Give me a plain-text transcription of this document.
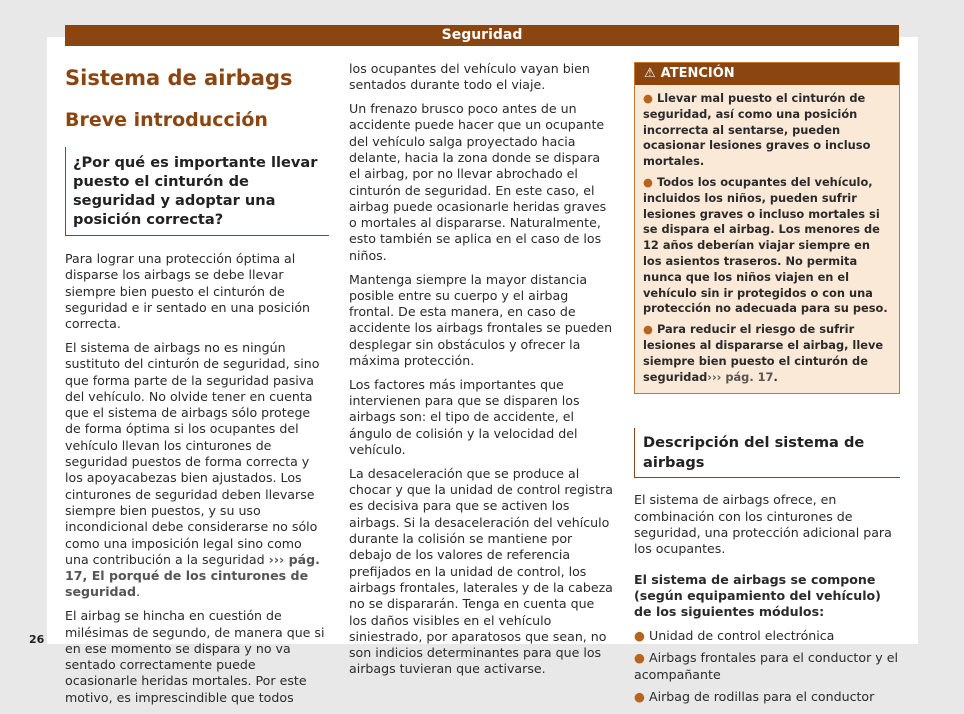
Seguridad
Sistema de airbags
Breve introducción
¿Por qué es importante llevar puesto el cinturón de seguridad y adoptar una posición correcta?

Para lograr una protección óptima al disparse los airbags se debe llevar siempre bien puesto el cinturón de seguridad e ir sentado en una posición correcta.

El sistema de airbags no es ningún sustituto del cinturón de seguridad, sino que forma parte de la seguridad pasiva del vehículo. No olvide tener en cuenta que el sistema de airbags sólo protege de forma óptima si los ocupantes del vehículo llevan los cinturones de seguridad puestos de forma correcta y los apoyacabezas bien ajustados. Los cinturones de seguridad deben llevarse siempre bien puestos, y su uso incondicional debe considerarse no sólo como una imposición legal sino como una contribución a la seguridad ››› pág. 17, El porqué de los cinturones de seguridad.

El airbag se hincha en cuestión de milésimas de segundo, de manera que si en ese momento se dispara y no va sentado correctamente puede ocasionarle heridas mortales. Por este motivo, es imprescindible que todos

los ocupantes del vehículo vayan bien sentados durante todo el viaje.

Un frenazo brusco poco antes de un accidente puede hacer que un ocupante del vehículo salga proyectado hacia delante, hacia la zona donde se dispara el airbag, por no llevar abrochado el cinturón de seguridad. En este caso, el airbag puede ocasionarle heridas graves o mortales al dispararse. Naturalmente, esto también se aplica en el caso de los niños.

Mantenga siempre la mayor distancia posible entre su cuerpo y el airbag frontal. De esta manera, en caso de accidente los airbags frontales se pueden desplegar sin obstáculos y ofrecer la máxima protección.

Los factores más importantes que intervienen para que se disparen los airbags son: el tipo de accidente, el ángulo de colisión y la velocidad del vehículo.

La desaceleración que se produce al chocar y que la unidad de control registra es decisiva para que se activen los airbags. Si la desaceleración del vehículo durante la colisión se mantiene por debajo de los valores de referencia prefijados en la unidad de control, los airbags frontales, laterales y de la cabeza no se dispararán. Tenga en cuenta que los daños visibles en el vehículo siniestrado, por aparatosos que sean, no son indicios determinantes para que los airbags tuvieran que activarse.

⚠ ATENCIÓN

● Llevar mal puesto el cinturón de seguridad, así como una posición incorrecta al sentarse, pueden ocasionar lesiones graves o incluso mortales.

● Todos los ocupantes del vehículo, incluidos los niños, pueden sufrir lesiones graves o incluso mortales si se dispara el airbag. Los menores de 12 años deberían viajar siempre en los asientos traseros. No permita nunca que los niños viajen en el vehículo sin ir protegidos o con una protección no adecuada para su peso.

● Para reducir el riesgo de sufrir lesiones al dispararse el airbag, lleve siempre bien puesto el cinturón de seguridad››› pág. 17.

Descripción del sistema de airbags

El sistema de airbags ofrece, en combinación con los cinturones de seguridad, una protección adicional para los ocupantes.

El sistema de airbags se compone (según equipamiento del vehículo) de los siguientes módulos:

● Unidad de control electrónica
● Airbags frontales para el conductor y el acompañante
● Airbag de rodillas para el conductor
26
